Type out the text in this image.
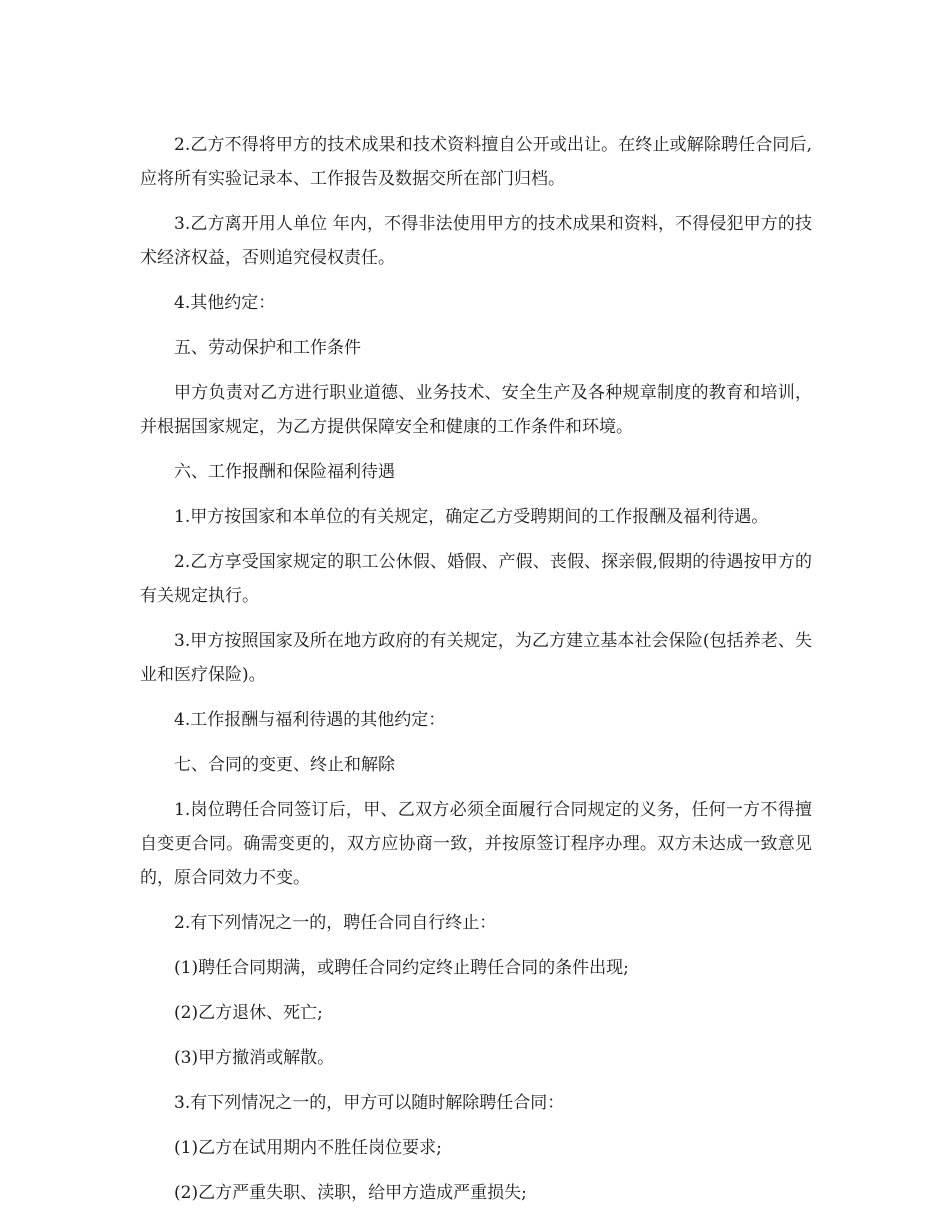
2.乙方不得将甲方的技术成果和技术资料擅自公开或出让。在终止或解除聘任合同后,应将所有实验记录本、工作报告及数据交所在部门归档。

3.乙方离开用人单位 年内，不得非法使用甲方的技术成果和资料，不得侵犯甲方的技术经济权益，否则追究侵权责任。

4.其他约定：

五、劳动保护和工作条件

甲方负责对乙方进行职业道德、业务技术、安全生产及各种规章制度的教育和培训，并根据国家规定，为乙方提供保障安全和健康的工作条件和环境。

六、工作报酬和保险福利待遇

1.甲方按国家和本单位的有关规定，确定乙方受聘期间的工作报酬及福利待遇。

2.乙方享受国家规定的职工公休假、婚假、产假、丧假、探亲假,假期的待遇按甲方的有关规定执行。

3.甲方按照国家及所在地方政府的有关规定，为乙方建立基本社会保险(包括养老、失业和医疗保险)。

4.工作报酬与福利待遇的其他约定：

七、合同的变更、终止和解除

1.岗位聘任合同签订后，甲、乙双方必须全面履行合同规定的义务，任何一方不得擅自变更合同。确需变更的，双方应协商一致，并按原签订程序办理。双方未达成一致意见的，原合同效力不变。

2.有下列情况之一的，聘任合同自行终止：

(1)聘任合同期满，或聘任合同约定终止聘任合同的条件出现;

(2)乙方退休、死亡;

(3)甲方撤消或解散。

3.有下列情况之一的，甲方可以随时解除聘任合同：

(1)乙方在试用期内不胜任岗位要求;

(2)乙方严重失职、渎职，给甲方造成严重损失;
